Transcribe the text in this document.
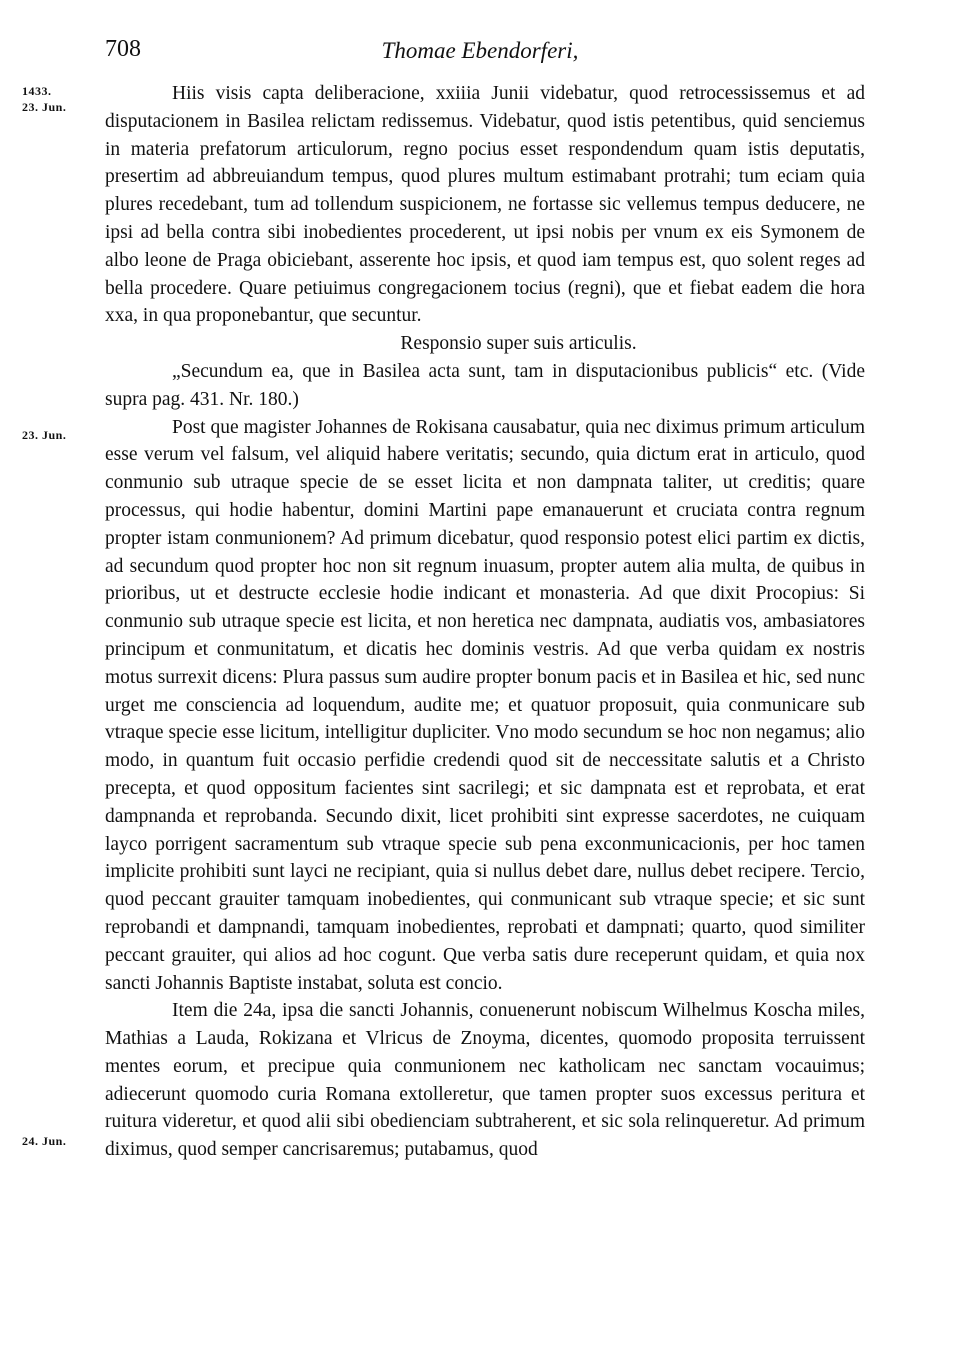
708	Thomae Ebendorferi,
1433.
23. Jun.
23. Jun.
24. Jun.

Hiis visis capta deliberacione, xxiiia Junii videbatur, quod retrocessissemus et ad disputacionem in Basilea relictam redissemus. Videbatur, quod istis petentibus, quid senciemus in materia prefatorum articulorum, regno pocius esset respondendum quam istis deputatis, presertim ad abbreuiandum tempus, quod plures multum estimabant protrahi; tum eciam quia plures recedebant, tum ad tollendum suspicionem, ne fortasse sic vellemus tempus deducere, ne ipsi ad bella contra sibi inobedientes procederent, ut ipsi nobis per vnum ex eis Symonem de albo leone de Praga obiciebant, asserente hoc ipsis, et quod iam tempus est, quo solent reges ad bella procedere. Quare petiuimus congregacionem tocius (regni), que et fiebat eadem die hora xxa, in qua proponebantur, que secuntur.

Responsio super suis articulis.

„Secundum ea, que in Basilea acta sunt, tam in disputacionibus publicis“ etc. (Vide supra pag. 431. Nr. 180.)

Post que magister Johannes de Rokisana causabatur, quia nec diximus primum articulum esse verum vel falsum, vel aliquid habere veritatis; secundo, quia dictum erat in articulo, quod conmunio sub utraque specie de se esset licita et non dampnata taliter, ut creditis; quare processus, qui hodie habentur, domini Martini pape emanauerunt et cruciata contra regnum propter istam conmunionem? Ad primum dicebatur, quod responsio potest elici partim ex dictis, ad secundum quod propter hoc non sit regnum inuasum, propter autem alia multa, de quibus in prioribus, ut et destructe ecclesie hodie indicant et monasteria. Ad que dixit Procopius: Si conmunio sub utraque specie est licita, et non heretica nec dampnata, audiatis vos, ambasiatores principum et conmunitatum, et dicatis hec dominis vestris. Ad que verba quidam ex nostris motus surrexit dicens: Plura passus sum audire propter bonum pacis et in Basilea et hic, sed nunc urget me consciencia ad loquendum, audite me; et quatuor proposuit, quia conmunicare sub vtraque specie esse licitum, intelligitur dupliciter. Vno modo secundum se hoc non negamus; alio modo, in quantum fuit occasio perfidie credendi quod sit de neccessitate salutis et a Christo precepta, et quod oppositum facientes sint sacrilegi; et sic dampnata est et reprobata, et erat dampnanda et reprobanda. Secundo dixit, licet prohibiti sint expresse sacerdotes, ne cuiquam layco porrigent sacramentum sub vtraque specie sub pena exconmunicacionis, per hoc tamen implicite prohibiti sunt layci ne recipiant, quia si nullus debet dare, nullus debet recipere. Tercio, quod peccant grauiter tamquam inobedientes, qui conmunicant sub vtraque specie; et sic sunt reprobandi et dampnandi, tamquam inobedientes, reprobati et dampnati; quarto, quod similiter peccant grauiter, qui alios ad hoc cogunt. Que verba satis dure receperunt quidam, et quia nox sancti Johannis Baptiste instabat, soluta est concio.

Item die 24a, ipsa die sancti Johannis, conuenerunt nobiscum Wilhelmus Koscha miles, Mathias a Lauda, Rokizana et Vlricus de Znoyma, dicentes, quomodo proposita terruissent mentes eorum, et precipue quia conmunionem nec katholicam nec sanctam vocauimus; adiecerunt quomodo curia Romana extolleretur, que tamen propter suos excessus peritura et ruitura videretur, et quod alii sibi obedienciam subtraherent, et sic sola relinqueretur. Ad primum diximus, quod semper cancrisaremus; putabamus, quod
